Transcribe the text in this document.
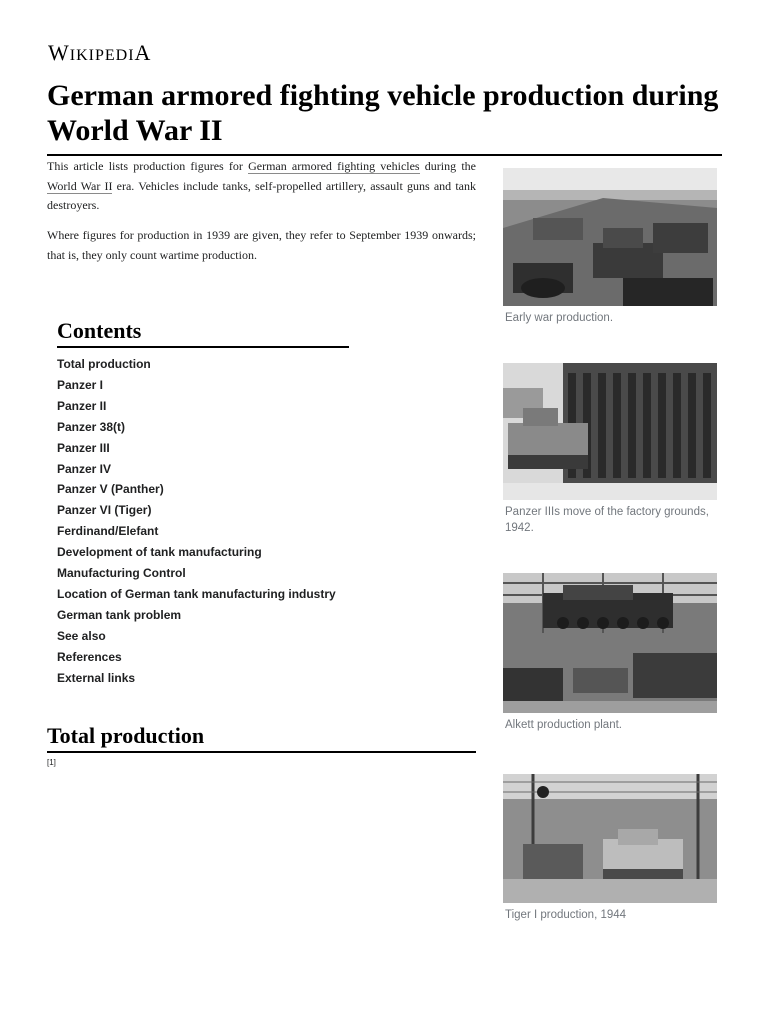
WIKIPEDIA
German armored fighting vehicle production during World War II

This article lists production figures for German armored fighting vehicles during the World War II era. Vehicles include tanks, self-propelled artillery, assault guns and tank destroyers.

Where figures for production in 1939 are given, they refer to September 1939 onwards; that is, they only count wartime production.

Contents
Total production
Panzer I
Panzer II
Panzer 38(t)
Panzer III
Panzer IV
Panzer V (Panther)
Panzer VI (Tiger)
Ferdinand/Elefant
Development of tank manufacturing
Manufacturing Control
Location of German tank manufacturing industry
German tank problem
See also
References
External links
Total production
[1]
Early war production.
Panzer IIIs move of the factory grounds, 1942.
Alkett production plant.
Tiger I production, 1944
